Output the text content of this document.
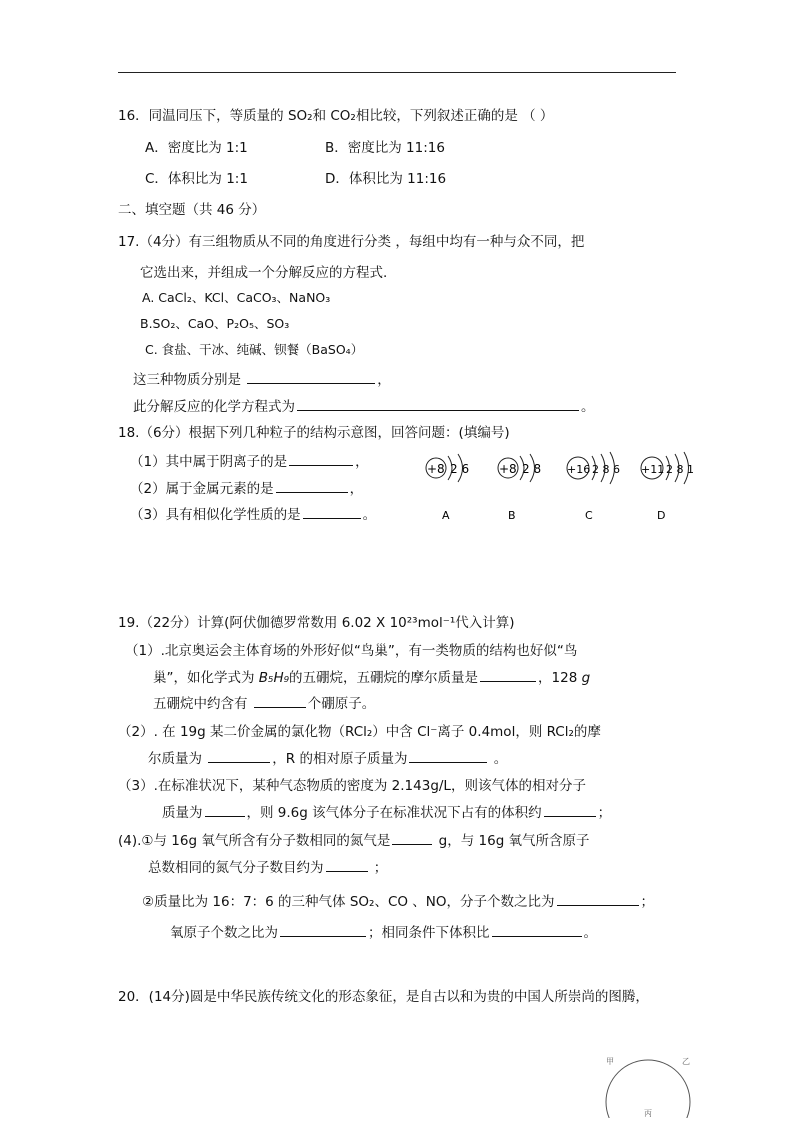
16．同温同压下，等质量的 SO₂和 CO₂相比较，下列叙述正确的是 （ ）
A．密度比为 1:1	B．密度比为 11:16
C．体积比为 1:1	D．体积比为 11:16
二、填空题（共 46 分）
17.（4分）有三组物质从不同的角度进行分类 ，每组中均有一种与众不同，把
它选出来，并组成一个分解反应的方程式.
A. CaCl₂、KCl、CaCO₃、NaNO₃
B.SO₂、CaO、P₂O₅、SO₃
C. 食盐、干冰、纯碱、钡餐（BaSO₄）
这三种物质分别是	，
此分解反应的化学方程式为	。
18.（6分）根据下列几种粒子的结构示意图，回答问题：(填编号)
（1）其中属于阴离子的是	，
（2）属于金属元素的是	，
（3）具有相似化学性质的是	。
+8 2 6
A
+8 2 8
B
+16 2 8 6
C
+11 2 8 1
D
19.（22分）计算(阿伏伽德罗常数用 6.02 X 10²³mol⁻¹代入计算)
（1）.北京奥运会主体育场的外形好似“鸟巢”，有一类物质的结构也好似“鸟
巢”，如化学式为 B₅H₉的五硼烷，五硼烷的摩尔质量是	，128 g
五硼烷中约含有	个硼原子。
（2）. 在 19g 某二价金属的氯化物（RCl₂）中含 Cl⁻离子 0.4mol，则 RCl₂的摩
尔质量为	，R 的相对原子质量为	。
（3）.在标准状况下，某种气态物质的密度为 2.143g/L，则该气体的相对分子
质量为	，则 9.6g 该气体分子在标准状况下占有的体积约	；
(4).①与 16g 氧气所含有分子数相同的氮气是	g，与 16g 氧气所含原子
总数相同的氮气分子数目约为	；
②质量比为 16：7：6 的三种气体 SO₂、CO 、NO，分子个数之比为	；
氧原子个数之比为	；相同条件下体积比	。
20．(14分)圆是中华民族传统文化的形态象征，是自古以和为贵的中国人所崇尚的图腾，
甲	乙
丙
